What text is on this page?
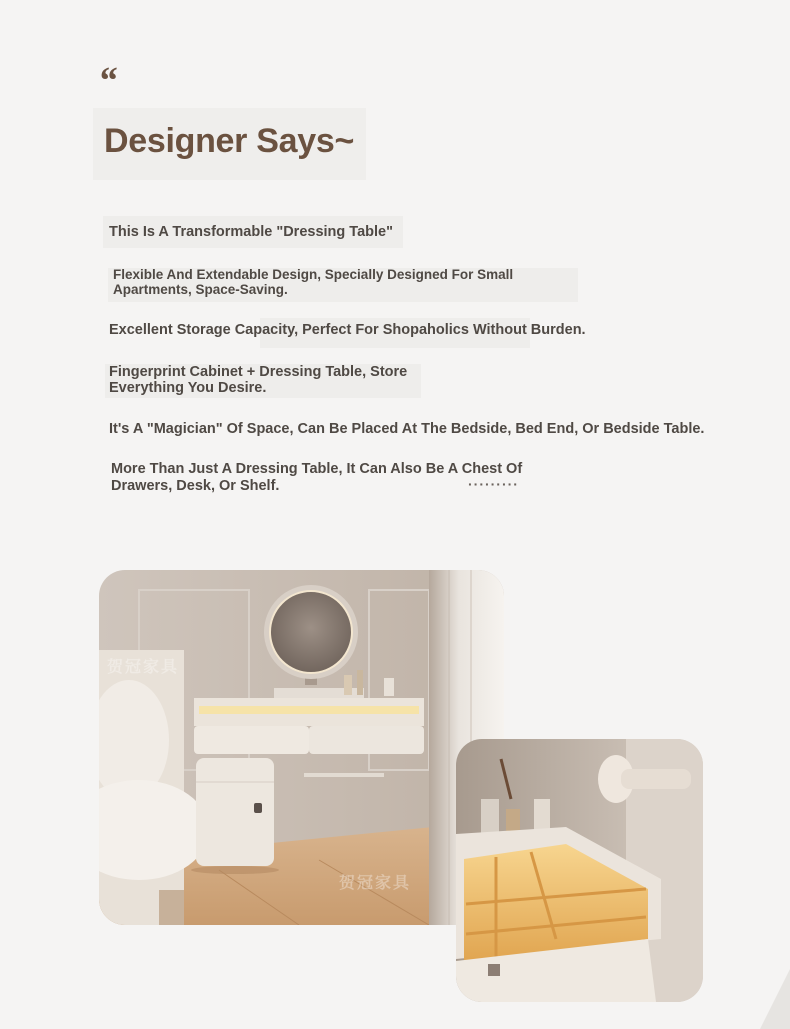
“
Designer Says~
This Is A Transformable "Dressing Table"
Flexible And Extendable Design, Specially Designed For Small
Apartments, Space-Saving.
Excellent Storage Capacity, Perfect For Shopaholics Without Burden.
Fingerprint Cabinet + Dressing Table, Store
Everything You Desire.
It's A "Magician" Of Space, Can Be Placed At The Bedside, Bed End, Or Bedside Table.
More Than Just A Dressing Table, It Can Also Be A Chest Of
Drawers, Desk, Or Shelf.	·········
贺冠家具
贺冠家具
